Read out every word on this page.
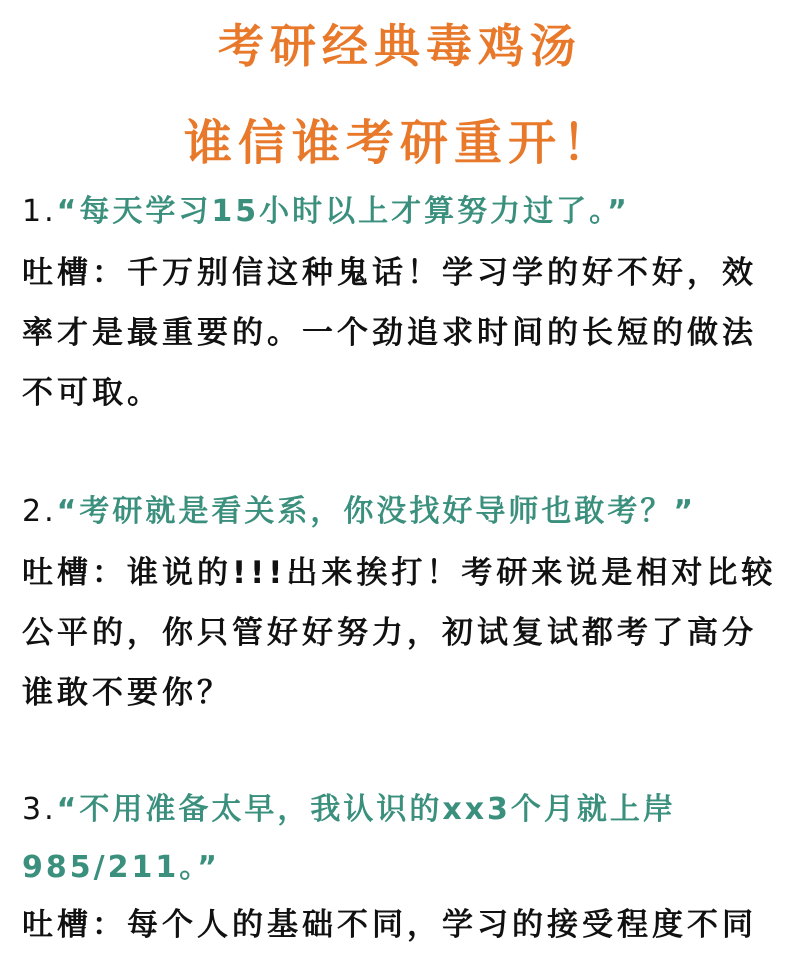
考研经典毒鸡汤
谁信谁考研重开！
1.“每天学习15小时以上才算努力过了。”
吐槽：千万别信这种鬼话！学习学的好不好，效率才是最重要的。一个劲追求时间的长短的做法不可取。
2.“考研就是看关系，你没找好导师也敢考？”
吐槽：谁说的!!!出来挨打！考研来说是相对比较公平的，你只管好好努力，初试复试都考了高分谁敢不要你？
3.“不用准备太早，我认识的xx3个月就上岸985/211。”
吐槽：每个人的基础不同，学习的接受程度不同
